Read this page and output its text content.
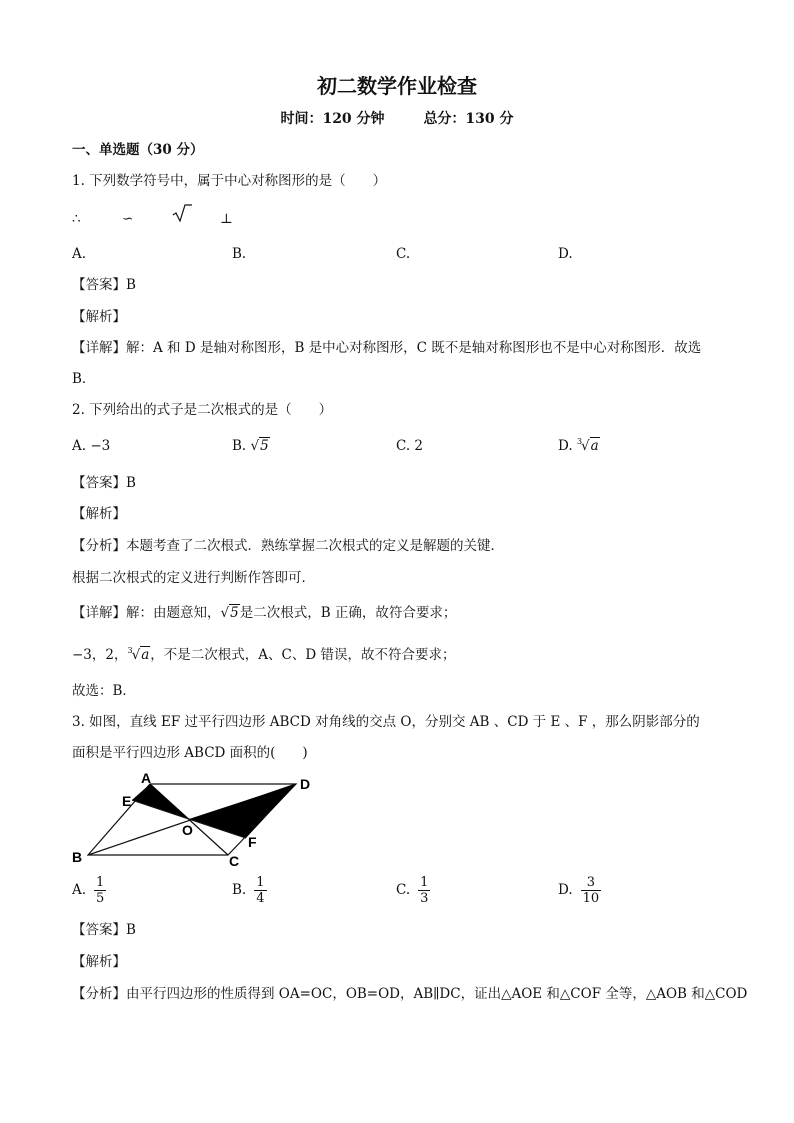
初二数学作业检查
时间：120 分钟	总分：130 分
一、单选题（30 分）
1. 下列数学符号中，属于中心对称图形的是（　　）
∴	∽	⊥
A.	B.	C.	D.
【答案】B
【解析】
【详解】解：A 和 D 是轴对称图形，B 是中心对称图形，C 既不是轴对称图形也不是中心对称图形．故选
B．
2. 下列给出的式子是二次根式的是（　　）
A. −3	B. √5	C. 2	D. $^3$√a
【答案】B
【解析】
【分析】本题考查了二次根式．熟练掌握二次根式的定义是解题的关键．
根据二次根式的定义进行判断作答即可．
【详解】解：由题意知，√5是二次根式，B 正确，故符合要求；
−3，2，$^3$√a，不是二次根式，A、C、D 错误，故不符合要求；
故选：B．
3. 如图，直线 EF 过平行四边形 ABCD 对角线的交点 O，分别交 AB 、CD 于 E 、F ，那么阴影部分的
面积是平行四边形 ABCD 面积的(　　)
A	D
E
O
F
B	C
A. $\frac{1}{5}$	B. $\frac{1}{4}$	C. $\frac{1}{3}$	D. $\frac{3}{10}$
【答案】B
【解析】
【分析】由平行四边形的性质得到 OA=OC，OB=OD，AB∥DC，证出△AOE 和△COF 全等，△AOB 和△COD
